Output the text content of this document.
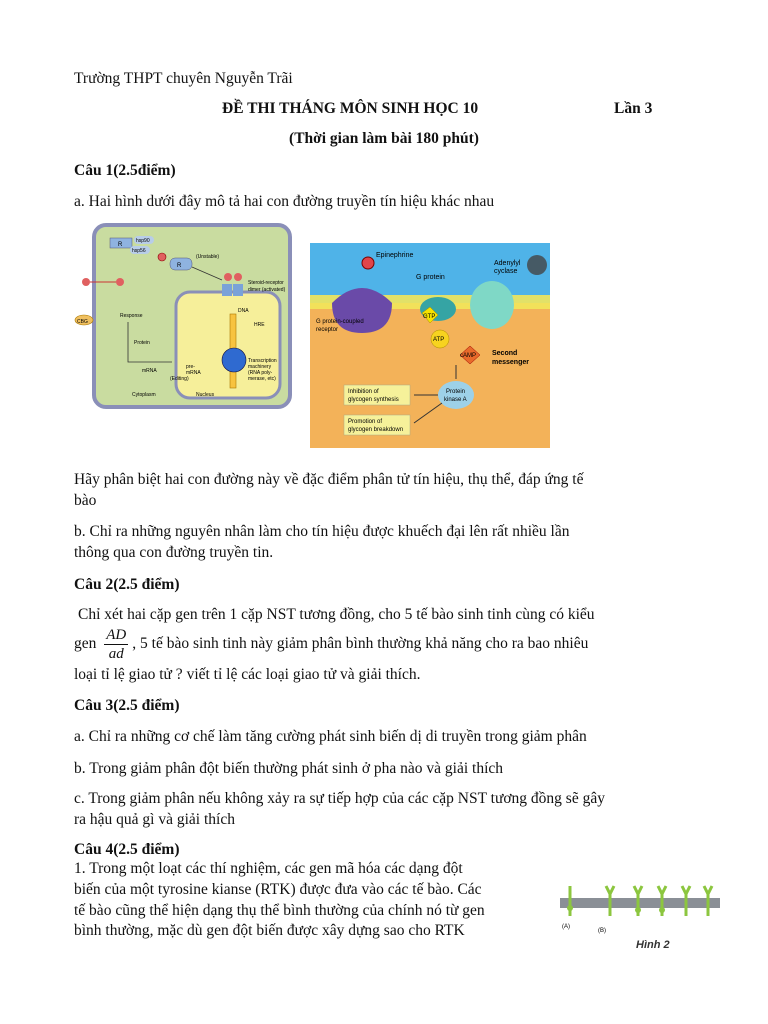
Trường THPT chuyên Nguyễn Trãi
ĐỀ THI THÁNG MÔN SINH HỌC 10	Lần 3
(Thời gian làm bài 180 phút)
Câu 1(2.5điểm)
a. Hai hình dưới đây mô tả hai con đường truyền tín hiệu khác nhau
R
hsp90
hsp56
R
(Unstable)
Steroid-receptor
dimer (activated)
CBG
Response
Protein
mRNA
pre-
mRNA
(Editing)
DNA
HRE
Transcription
machinery
(RNA poly-
merase, etc)
Cytoplasm	Nucleus
Epinephrine
G protein
Adenylyl
cyclase
G protein-coupled
receptor
GTP
ATP
cAMP Second
messenger
Protein
kinase A
Inhibition of
glycogen synthesis
Promotion of
glycogen breakdown
Hãy phân biệt hai con đường này về đặc điểm phân tử tín hiệu, thụ thể, đáp ứng tế
bào
b. Chỉ ra những nguyên nhân làm cho tín hiệu được khuếch đại lên rất nhiều lần
thông qua con đường truyền tin.
Câu 2(2.5 điểm)
Chỉ xét hai cặp gen trên 1 cặp NST tương đồng, cho 5 tế bào sinh tinh cùng có kiểu
gen $\frac{AD}{ad}$ , 5 tế bào sinh tinh này giảm phân bình thường khả năng cho ra bao nhiêu
loại tỉ lệ giao tử ? viết tỉ lệ các loại giao tử và giải thích.
Câu 3(2.5 điểm)
a. Chỉ ra những cơ chế làm tăng cường phát sinh biến dị di truyền trong giảm phân
b. Trong giảm phân đột biến thường phát sinh ở pha nào và giải thích
c. Trong giảm phân nếu không xảy ra sự tiếp hợp của các cặp NST tương đồng sẽ gây
ra hậu quả gì và giải thích
Câu 4(2.5 điểm)
1. Trong một loạt các thí nghiệm, các gen mã hóa các dạng đột
biến của một tyrosine kianse (RTK) được đưa vào các tế bào. Các
tế bào cũng thể hiện dạng thụ thể bình thường của chính nó từ gen
bình thường, mặc dù gen đột biến được xây dựng sao cho RTK	(A)
(B)
Hình 2
